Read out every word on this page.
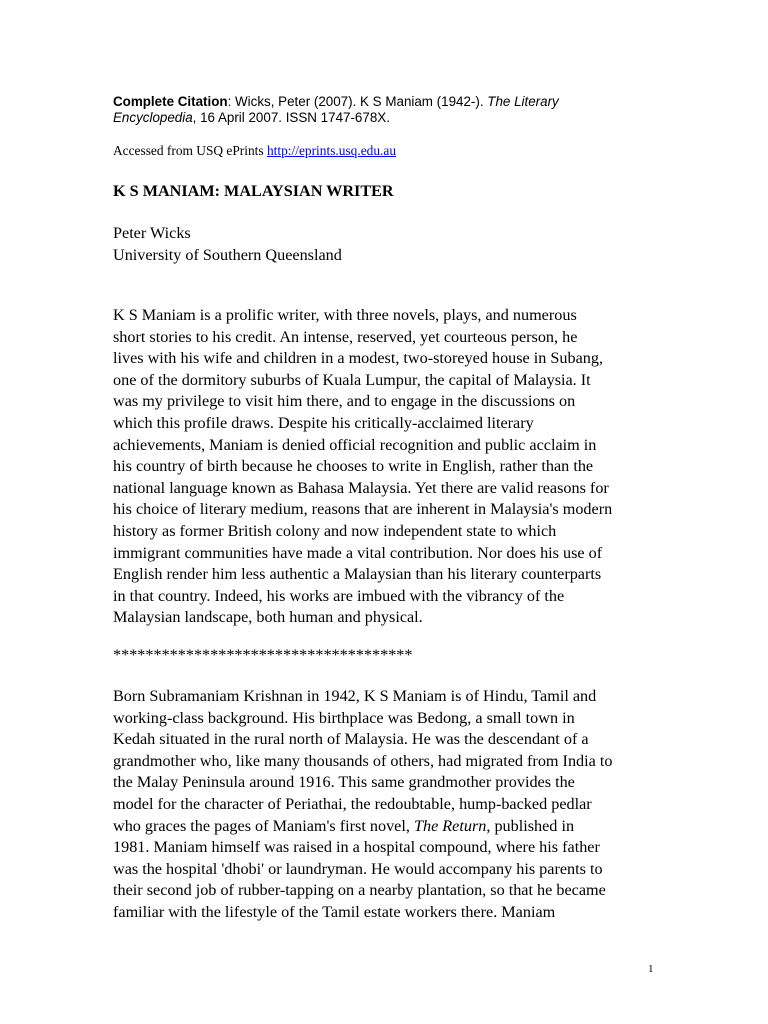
Complete Citation: Wicks, Peter (2007). K S Maniam (1942-). The Literary Encyclopedia, 16 April 2007. ISSN 1747-678X.
Accessed from USQ ePrints http://eprints.usq.edu.au
K S MANIAM: MALAYSIAN WRITER
Peter Wicks
University of Southern Queensland
K S Maniam is a prolific writer, with three novels, plays, and numerous
short stories to his credit. An intense, reserved, yet courteous person, he
lives with his wife and children in a modest, two-storeyed house in Subang,
one of the dormitory suburbs of Kuala Lumpur, the capital of Malaysia. It
was my privilege to visit him there, and to engage in the discussions on
which this profile draws. Despite his critically-acclaimed literary
achievements, Maniam is denied official recognition and public acclaim in
his country of birth because he chooses to write in English, rather than the
national language known as Bahasa Malaysia. Yet there are valid reasons for
his choice of literary medium, reasons that are inherent in Malaysia's modern
history as former British colony and now independent state to which
immigrant communities have made a vital contribution. Nor does his use of
English render him less authentic a Malaysian than his literary counterparts
in that country. Indeed, his works are imbued with the vibrancy of the
Malaysian landscape, both human and physical.
*************************************
Born Subramaniam Krishnan in 1942, K S Maniam is of Hindu, Tamil and
working-class background. His birthplace was Bedong, a small town in
Kedah situated in the rural north of Malaysia. He was the descendant of a
grandmother who, like many thousands of others, had migrated from India to
the Malay Peninsula around 1916. This same grandmother provides the
model for the character of Periathai, the redoubtable, hump-backed pedlar
who graces the pages of Maniam's first novel, The Return, published in
1981. Maniam himself was raised in a hospital compound, where his father
was the hospital 'dhobi' or laundryman. He would accompany his parents to
their second job of rubber-tapping on a nearby plantation, so that he became
familiar with the lifestyle of the Tamil estate workers there. Maniam
1
